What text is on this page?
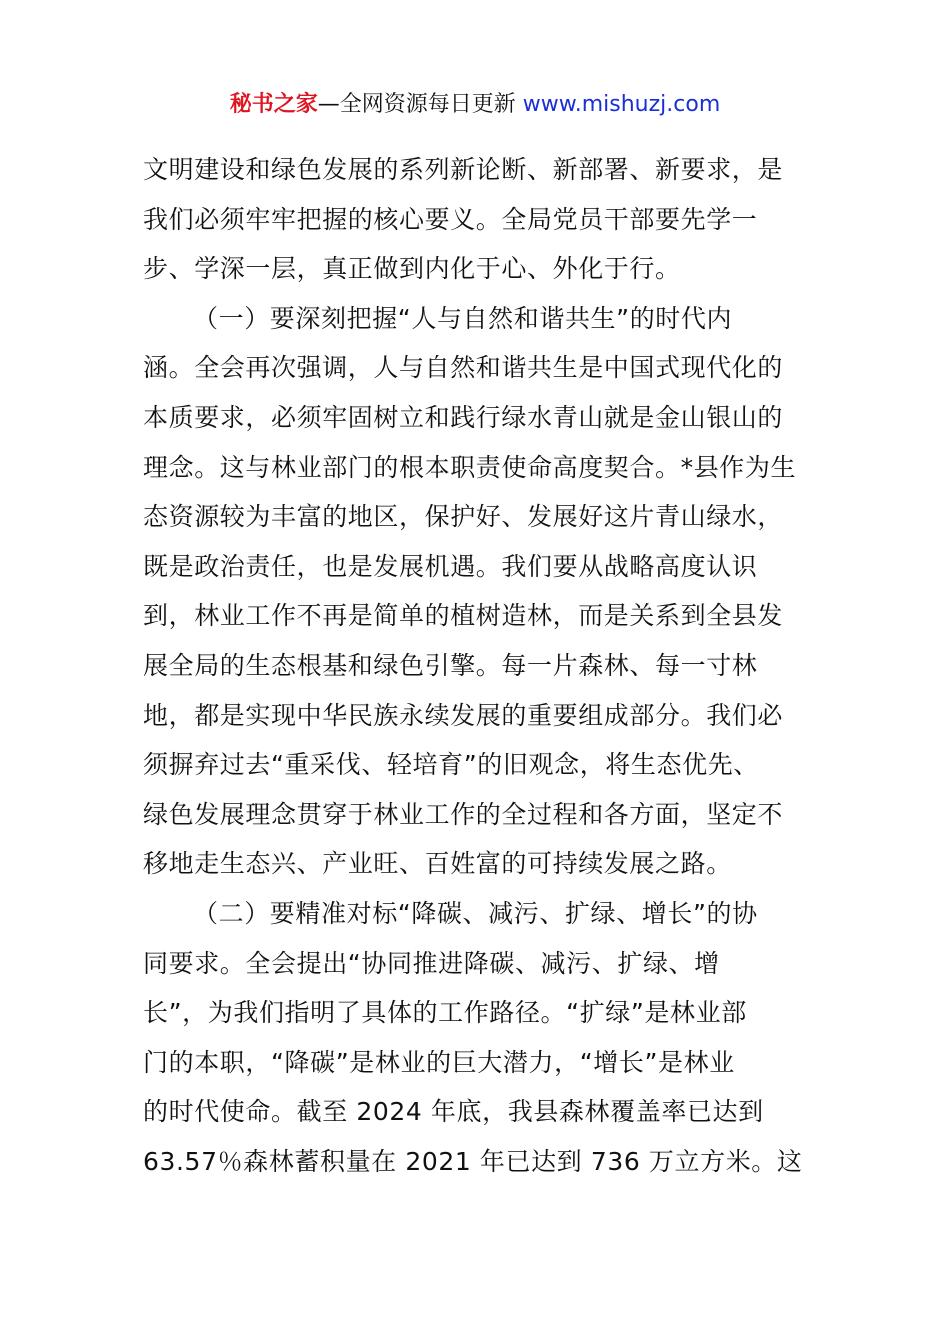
秘书之家—全网资源每日更新 www.mishuzj.com
文明建设和绿色发展的系列新论断、新部署、新要求，是
我们必须牢牢把握的核心要义。全局党员干部要先学一
步、学深一层，真正做到内化于心、外化于行。
（一）要深刻把握“人与自然和谐共生”的时代内
涵。全会再次强调，人与自然和谐共生是中国式现代化的
本质要求，必须牢固树立和践行绿水青山就是金山银山的
理念。这与林业部门的根本职责使命高度契合。*县作为生
态资源较为丰富的地区，保护好、发展好这片青山绿水，
既是政治责任，也是发展机遇。我们要从战略高度认识
到，林业工作不再是简单的植树造林，而是关系到全县发
展全局的生态根基和绿色引擎。每一片森林、每一寸林
地，都是实现中华民族永续发展的重要组成部分。我们必
须摒弃过去“重采伐、轻培育”的旧观念，将生态优先、
绿色发展理念贯穿于林业工作的全过程和各方面，坚定不
移地走生态兴、产业旺、百姓富的可持续发展之路。
（二）要精准对标“降碳、减污、扩绿、增长”的协
同要求。全会提出“协同推进降碳、减污、扩绿、增
长”，为我们指明了具体的工作路径。“扩绿”是林业部
门的本职，“降碳”是林业的巨大潜力，“增长”是林业
的时代使命。截至 2024 年底，我县森林覆盖率已达到
63.57％森林蓄积量在 2021 年已达到 736 万立方米。这
